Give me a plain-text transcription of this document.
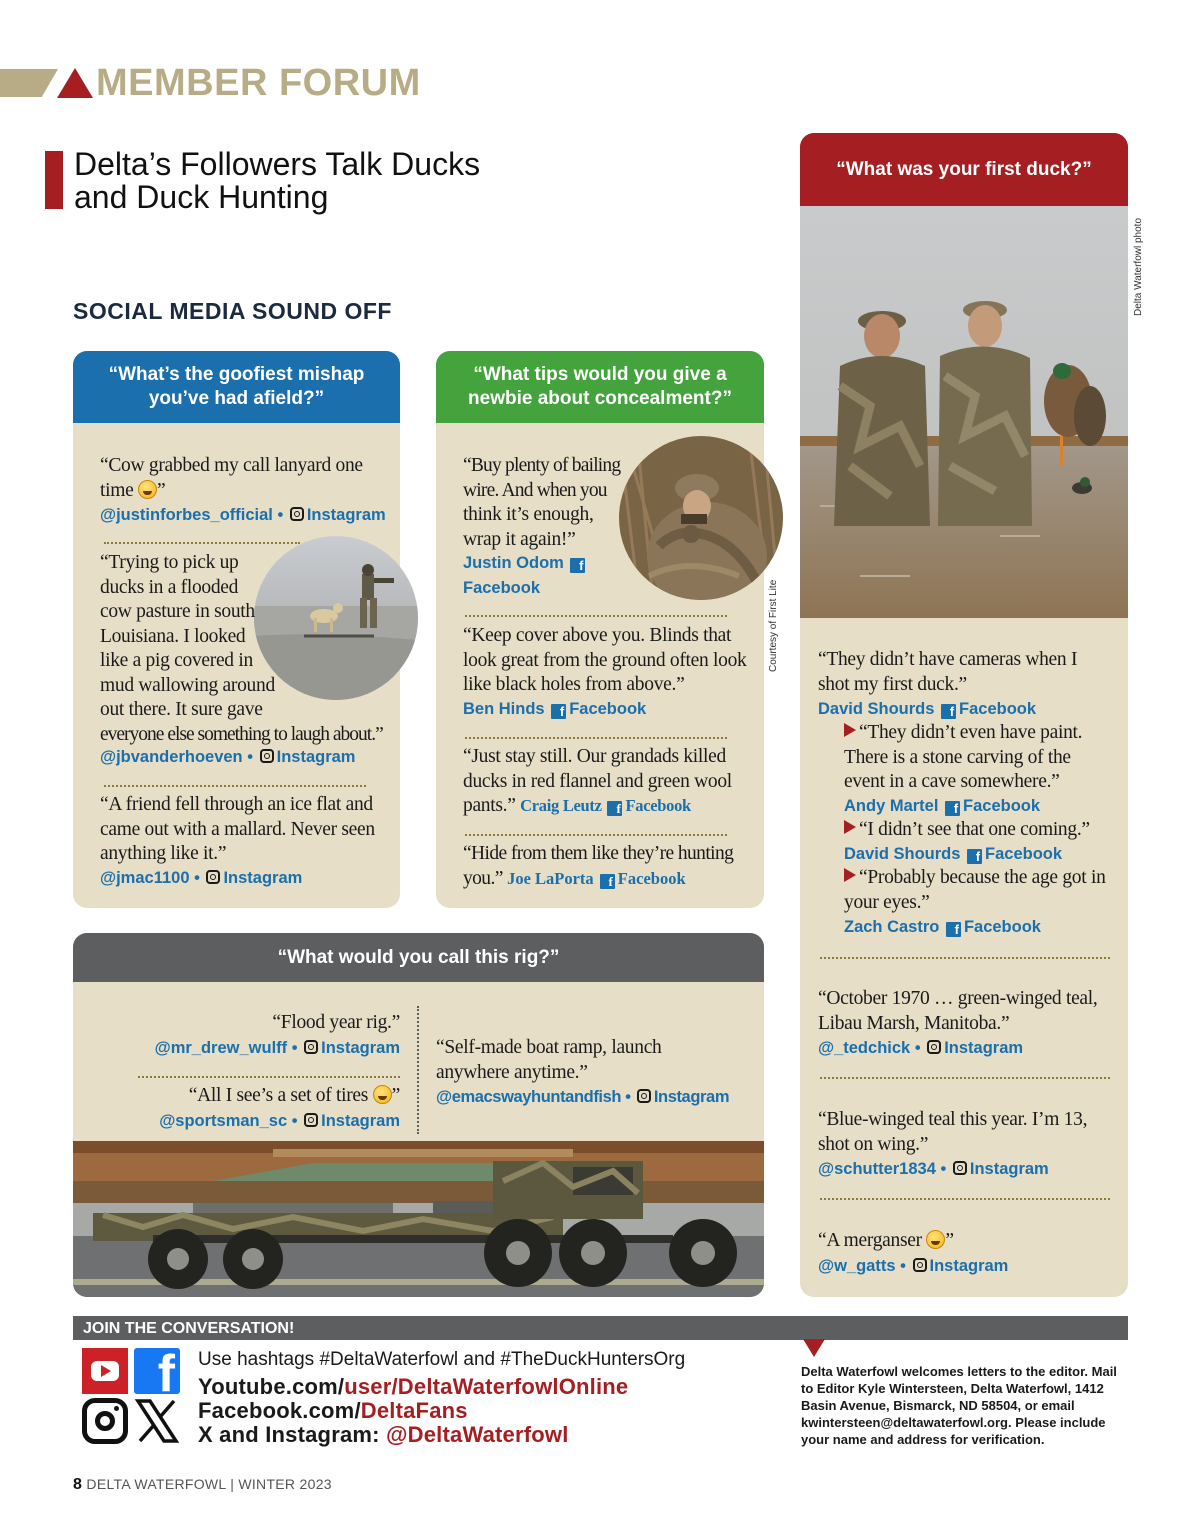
MEMBER FORUM
Delta’s Followers Talk Ducks and Duck Hunting
SOCIAL MEDIA SOUND OFF
“What’s the goofiest mishap you’ve had afield?”
“Cow grabbed my call lanyard one time ”
@justinforbes_official • Instagram
“Trying to pick up
ducks in a flooded
cow pasture in south
Louisiana. I looked
like a pig covered in
mud wallowing around
out there. It sure gave
everyone else something to laugh about.”
@jbvanderhoeven • Instagram
“A friend fell through an ice flat and came out with a mallard. Never seen anything like it.”
@jmac1100 • Instagram
“What tips would you give a newbie about concealment?”
“Buy plenty of bailing
wire. And when you
think it’s enough,
wrap it again!”
Justin Odom f
Facebook	Courtesy of First Lite
“Keep cover above you. Blinds that look great from the ground often look like black holes from above.”
Ben Hinds f Facebook
“Just stay still. Our grandads killed ducks in red flannel and green wool pants.” Craig Leutz f Facebook
“Hide from them like they’re hunting you.” Joe LaPorta f Facebook
“What would you call this rig?”
“Flood year rig.”
@mr_drew_wulff • Instagram
“All I see’s a set of tires ”
@sportsman_sc • Instagram
“Self-made boat ramp, launch anywhere anytime.”
@emacswayhuntandfish • Instagram
“What was your first duck?”
Delta Waterfowl photo
“They didn’t have cameras when I shot my first duck.”
David Shourds f Facebook
“They didn’t even have paint. There is a stone carving of the event in a cave somewhere.”
Andy Martel f Facebook
“I didn’t see that one coming.”
David Shourds f Facebook
“Probably because the age got in your eyes.”
Zach Castro f Facebook
“October 1970 … green-winged teal, Libau Marsh, Manitoba.”
@_tedchick • Instagram
“Blue-winged teal this year. I’m 13, shot on wing.”
@schutter1834 • Instagram
“A merganser ”
@w_gatts • Instagram
JOIN THE CONVERSATION!
f Use hashtags #DeltaWaterfowl and #TheDuckHuntersOrg
Youtube.com/user/DeltaWaterfowlOnline
Facebook.com/DeltaFans
X and Instagram: @DeltaWaterfowl
Delta Waterfowl welcomes letters to the editor. Mail to Editor Kyle Wintersteen, Delta Waterfowl, 1412 Basin Avenue, Bismarck, ND 58504, or email kwintersteen@deltawaterfowl.org. Please include your name and address for verification.
8 DELTA WATERFOWL | WINTER 2023
